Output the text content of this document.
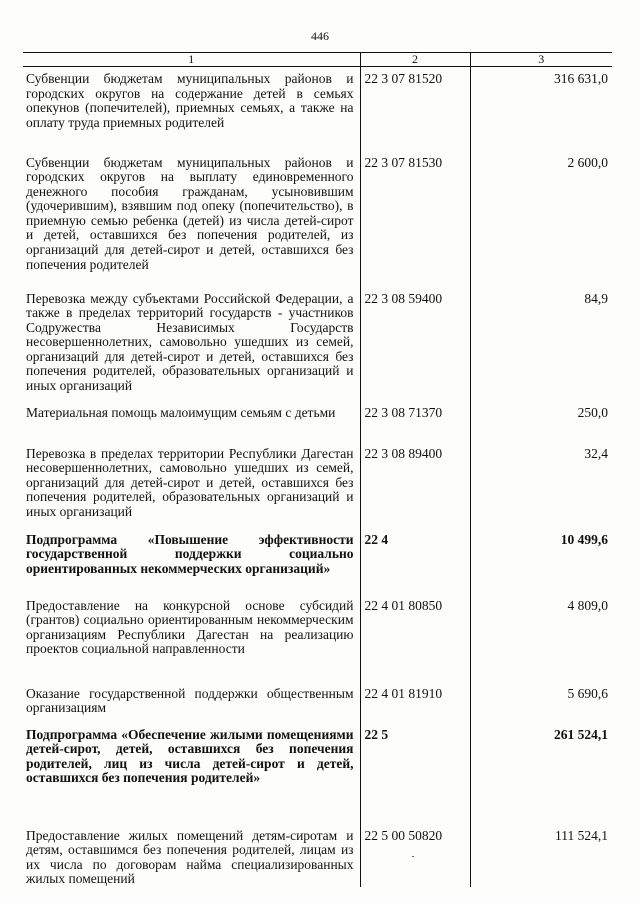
446
1	2	3
Субвенции бюджетам муниципальных районов и городских округов на содержание детей в семьях опекунов (попечителей), приемных семьях, а также на оплату труда приемных родителей	22 3 07 81520	316 631,0
Субвенции бюджетам муниципальных районов и городских округов на выплату единовременного денежного пособия гражданам, усыновившим (удочерившим), взявшим под опеку (попечительство), в приемную семью ребенка (детей) из числа детей-сирот и детей, оставшихся без попечения родителей, из организаций для детей-сирот и детей, оставшихся без попечения родителей	22 3 07 81530	2 600,0
Перевозка между субъектами Российской Федерации, а также в пределах территорий государств - участников Содружества Независимых Государств несовершеннолетних, самовольно ушедших из семей, организаций для детей-сирот и детей, оставшихся без попечения родителей, образовательных организаций и иных организаций	22 3 08 59400	84,9
Материальная помощь малоимущим семьям с детьми	22 3 08 71370	250,0
Перевозка в пределах территории Республики Дагестан несовершеннолетних, самовольно ушедших из семей, организаций для детей-сирот и детей, оставшихся без попечения родителей, образовательных организаций и иных организаций	22 3 08 89400	32,4
Подпрограмма «Повышение эффективности государственной поддержки социально ориентированных некоммерческих организаций»	22 4	10 499,6
Предоставление на конкурсной основе субсидий (грантов) социально ориентированным некоммерческим организациям Республики Дагестан на реализацию проектов социальной направленности	22 4 01 80850	4 809,0
Оказание государственной поддержки общественным организациям	22 4 01 81910	5 690,6
Подпрограмма «Обеспечение жилыми помещениями детей-сирот, детей, оставшихся без попечения родителей, лиц из числа детей-сирот и детей, оставшихся без попечения родителей»	22 5	261 524,1
Предоставление жилых помещений детям-сиротам и детям, оставшимся без попечения родителей, лицам из их числа по договорам найма специализированных жилых помещений	22 5 00 50820	111 524,1
